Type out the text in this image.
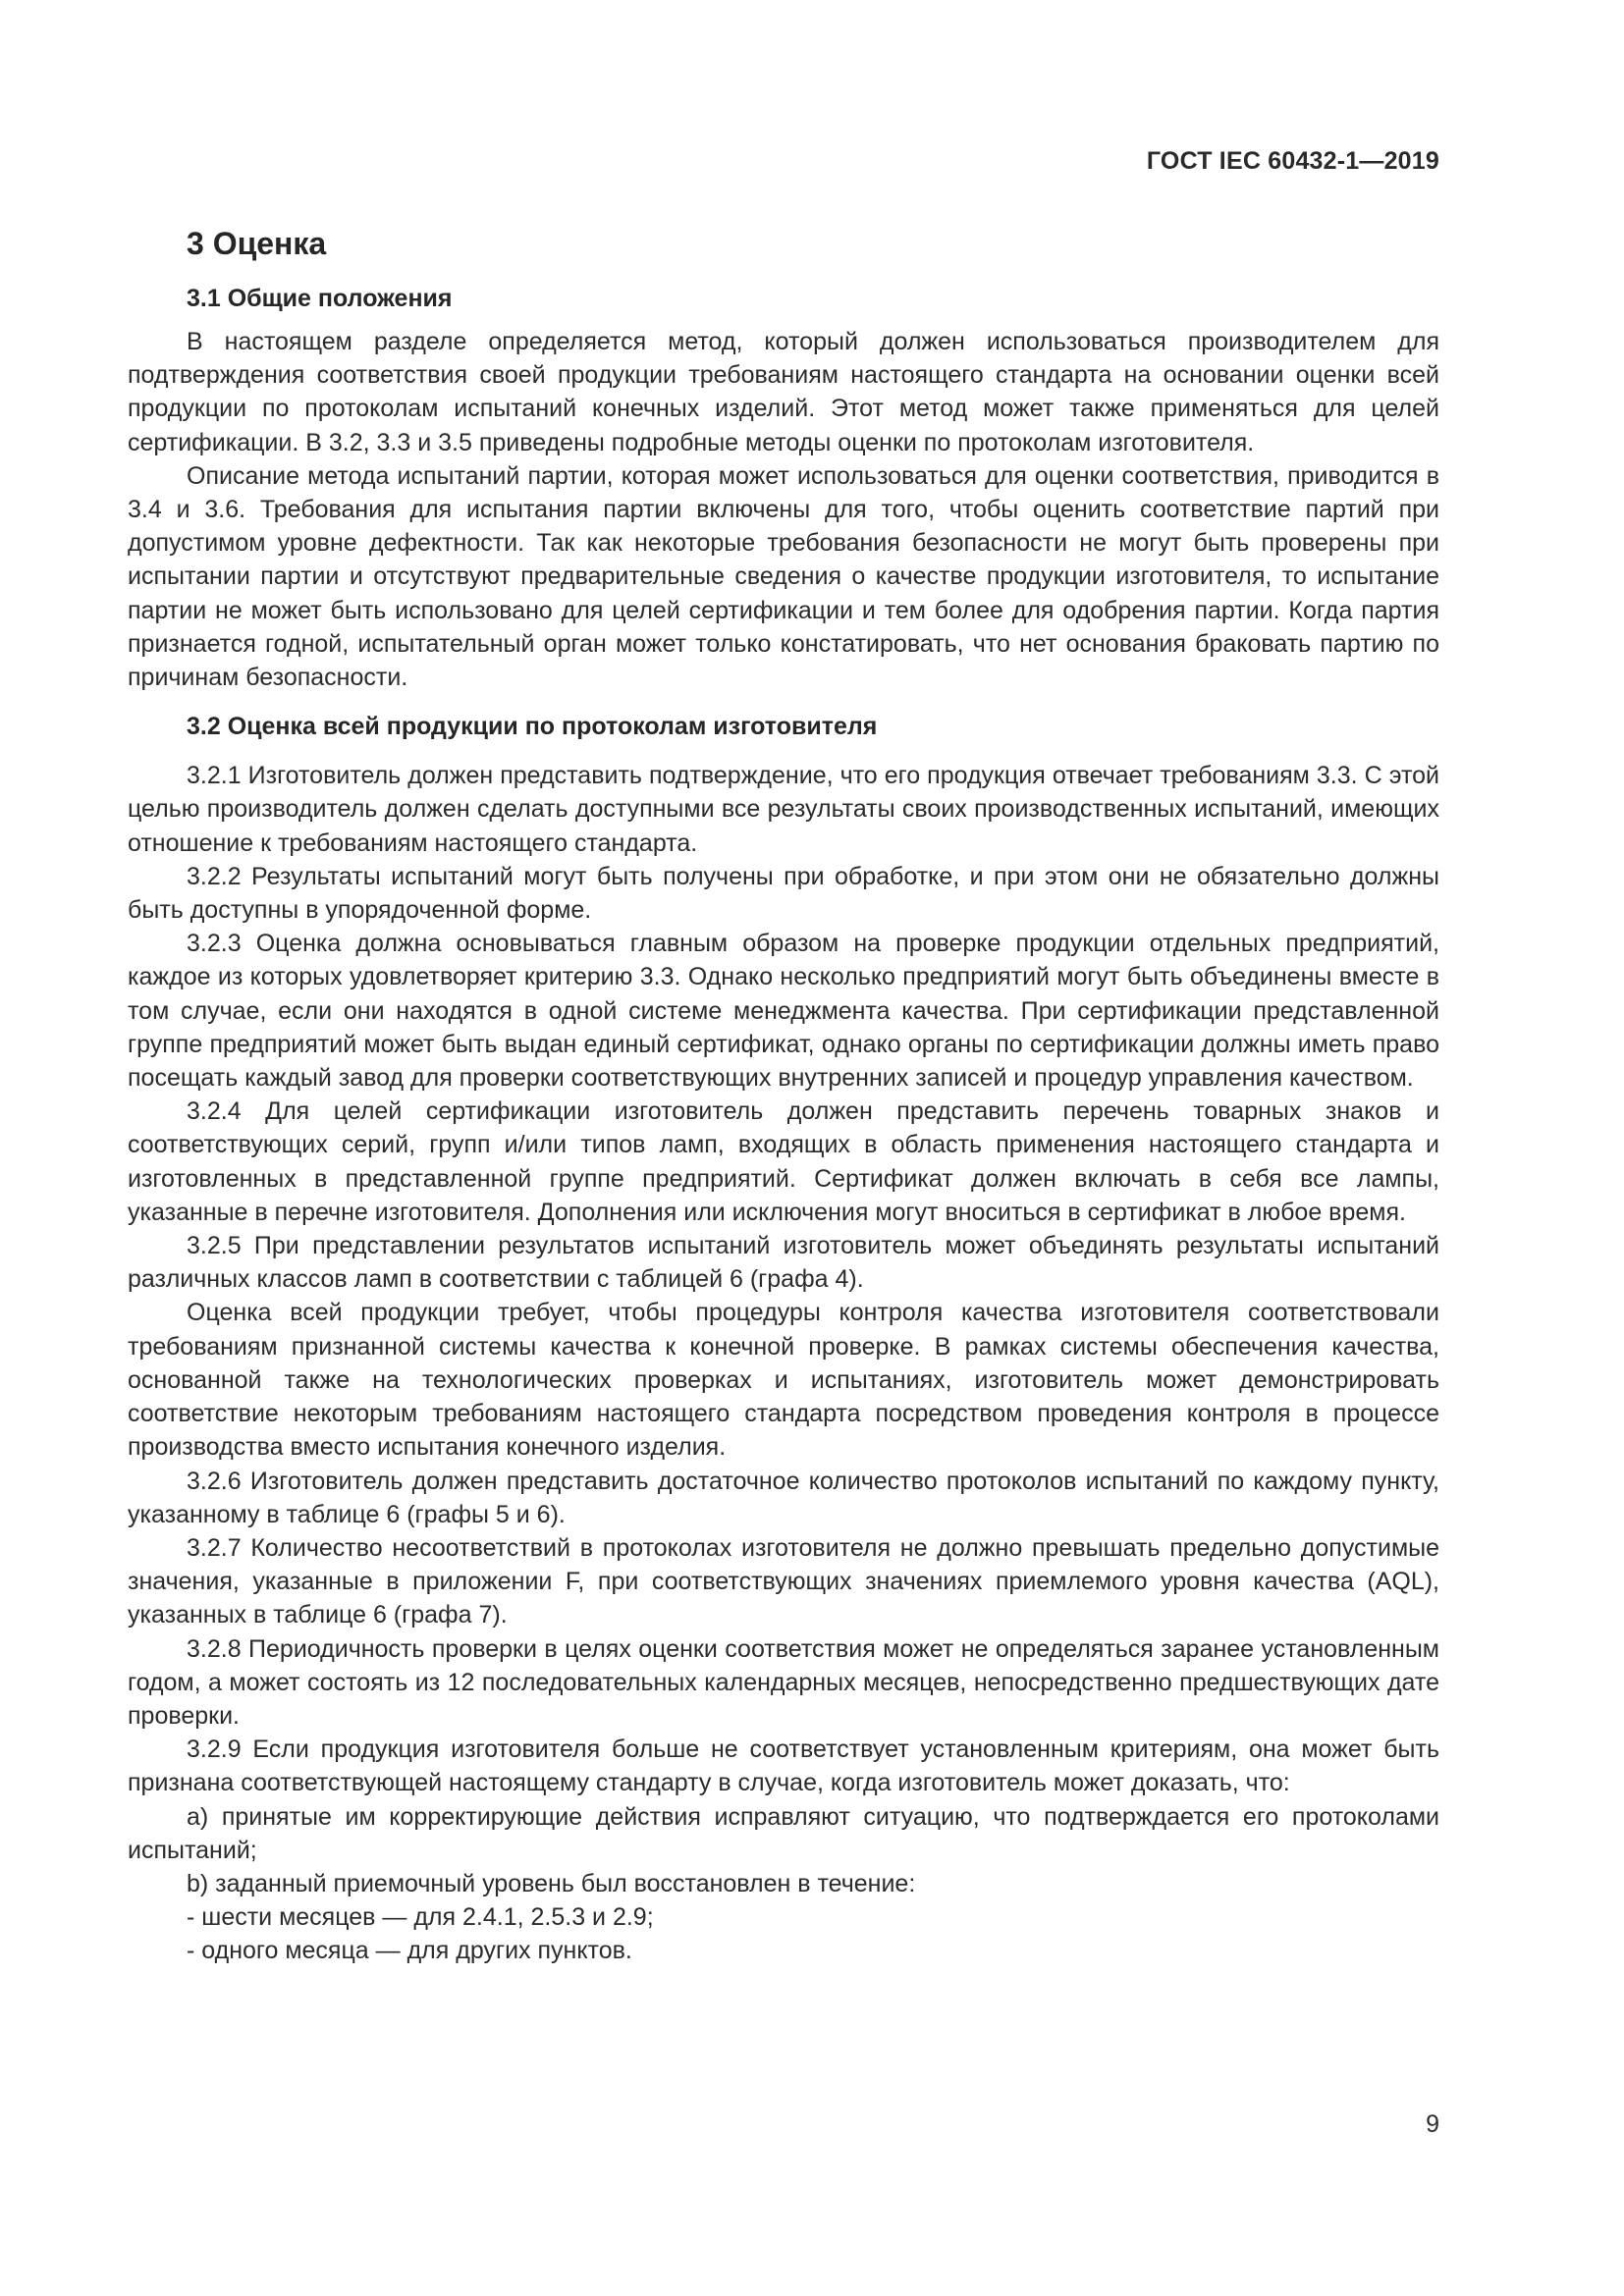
ГОСТ IEC 60432-1—2019
3 Оценка
3.1 Общие положения

В настоящем разделе определяется метод, который должен использоваться производителем для подтверждения соответствия своей продукции требованиям настоящего стандарта на основании оценки всей продукции по протоколам испытаний конечных изделий. Этот метод может также применяться для целей сертификации. В 3.2, 3.3 и 3.5 приведены подробные методы оценки по протоколам изготовителя.

Описание метода испытаний партии, которая может использоваться для оценки соответствия, приводится в 3.4 и 3.6. Требования для испытания партии включены для того, чтобы оценить соответствие партий при допустимом уровне дефектности. Так как некоторые требования безопасности не могут быть проверены при испытании партии и отсутствуют предварительные сведения о качестве продукции изготовителя, то испытание партии не может быть использовано для целей сертификации и тем более для одобрения партии. Когда партия признается годной, испытательный орган может только констатировать, что нет основания браковать партию по причинам безопасности.

3.2 Оценка всей продукции по протоколам изготовителя

3.2.1 Изготовитель должен представить подтверждение, что его продукция отвечает требованиям 3.3. С этой целью производитель должен сделать доступными все результаты своих производственных испытаний, имеющих отношение к требованиям настоящего стандарта.

3.2.2 Результаты испытаний могут быть получены при обработке, и при этом они не обязательно должны быть доступны в упорядоченной форме.

3.2.3 Оценка должна основываться главным образом на проверке продукции отдельных предприятий, каждое из которых удовлетворяет критерию 3.3. Однако несколько предприятий могут быть объединены вместе в том случае, если они находятся в одной системе менеджмента качества. При сертификации представленной группе предприятий может быть выдан единый сертификат, однако органы по сертификации должны иметь право посещать каждый завод для проверки соответствующих внутренних записей и процедур управления качеством.

3.2.4 Для целей сертификации изготовитель должен представить перечень товарных знаков и соответствующих серий, групп и/или типов ламп, входящих в область применения настоящего стандарта и изготовленных в представленной группе предприятий. Сертификат должен включать в себя все лампы, указанные в перечне изготовителя. Дополнения или исключения могут вноситься в сертификат в любое время.

3.2.5 При представлении результатов испытаний изготовитель может объединять результаты испытаний различных классов ламп в соответствии с таблицей 6 (графа 4).

Оценка всей продукции требует, чтобы процедуры контроля качества изготовителя соответствовали требованиям признанной системы качества к конечной проверке. В рамках системы обеспечения качества, основанной также на технологических проверках и испытаниях, изготовитель может демонстрировать соответствие некоторым требованиям настоящего стандарта посредством проведения контроля в процессе производства вместо испытания конечного изделия.

3.2.6 Изготовитель должен представить достаточное количество протоколов испытаний по каждому пункту, указанному в таблице 6 (графы 5 и 6).

3.2.7 Количество несоответствий в протоколах изготовителя не должно превышать предельно допустимые значения, указанные в приложении F, при соответствующих значениях приемлемого уровня качества (AQL), указанных в таблице 6 (графа 7).

3.2.8 Периодичность проверки в целях оценки соответствия может не определяться заранее установленным годом, а может состоять из 12 последовательных календарных месяцев, непосредственно предшествующих дате проверки.

3.2.9 Если продукция изготовителя больше не соответствует установленным критериям, она может быть признана соответствующей настоящему стандарту в случае, когда изготовитель может доказать, что:

а) принятые им корректирующие действия исправляют ситуацию, что подтверждается его протоколами испытаний;

b) заданный приемочный уровень был восстановлен в течение:

- шести месяцев — для 2.4.1, 2.5.3 и 2.9;

- одного месяца — для других пунктов.

9
